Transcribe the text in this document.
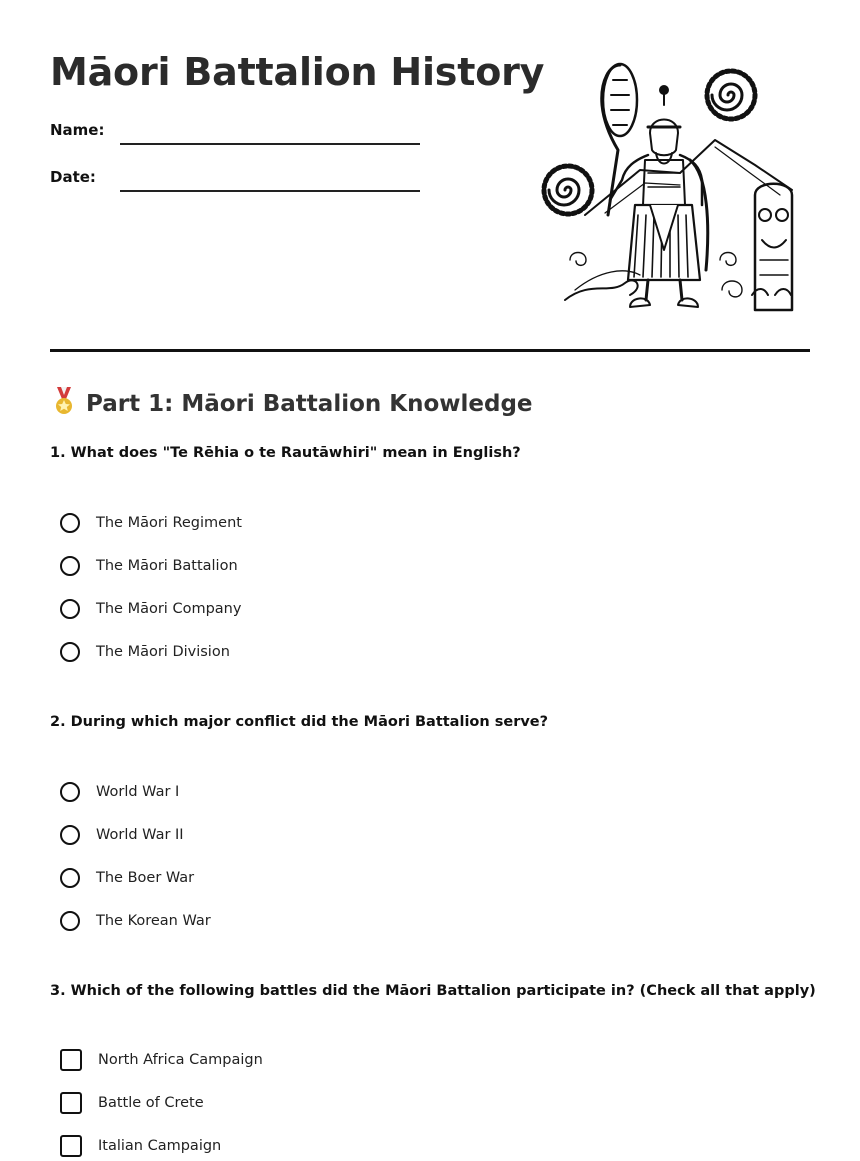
Māori Battalion History
Name:
Date:
Part 1: Māori Battalion Knowledge
1. What does "Te Rēhia o te Rautāwhiri" mean in English?
The Māori Regiment
The Māori Battalion
The Māori Company
The Māori Division
2. During which major conflict did the Māori Battalion serve?
World War I
World War II
The Boer War
The Korean War
3. Which of the following battles did the Māori Battalion participate in? (Check all that apply)
North Africa Campaign
Battle of Crete
Italian Campaign
